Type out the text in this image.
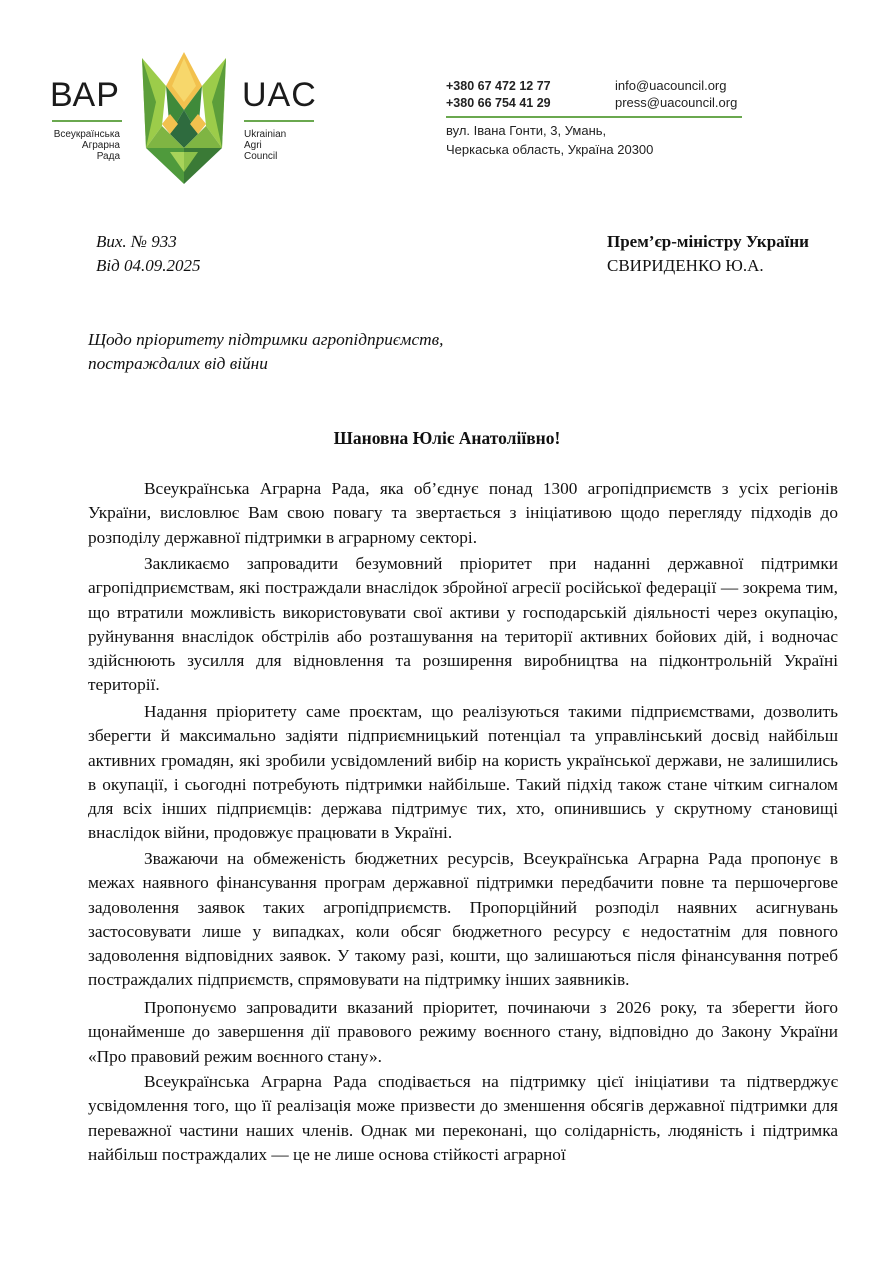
ВАР
Всеукраїнська
Аграрна
Рада
UAC
Ukrainian
Agri
Council
+380 67 472 12 77
+380 66 754 41 29
info@uacouncil.org
press@uacouncil.org
вул. Івана Гонти, 3, Умань,
Черкаська область, Україна 20300
Вих. № 933
Від 04.09.2025
Прем’єр-міністру України
СВИРИДЕНКО Ю.А.
Щодо пріоритету підтримки агропідприємств,
постраждалих від війни
Шановна Юліє Анатоліївно!

Всеукраїнська Аграрна Рада, яка об’єднує понад 1300 агропідприємств з усіх регіонів України, висловлює Вам свою повагу та звертається з ініціативою щодо перегляду підходів до розподілу державної підтримки в аграрному секторі.

Закликаємо запровадити безумовний пріоритет при наданні державної підтримки агропідприємствам, які постраждали внаслідок збройної агресії російської федерації — зокрема тим, що втратили можливість використовувати свої активи у господарській діяльності через окупацію, руйнування внаслідок обстрілів або розташування на території активних бойових дій, і водночас здійснюють зусилля для відновлення та розширення виробництва на підконтрольній Україні території.

Надання пріоритету саме проєктам, що реалізуються такими підприємствами, дозволить зберегти й максимально задіяти підприємницький потенціал та управлінський досвід найбільш активних громадян, які зробили усвідомлений вибір на користь української держави, не залишились в окупації, і сьогодні потребують підтримки найбільше. Такий підхід також стане чітким сигналом для всіх інших підприємців: держава підтримує тих, хто, опинившись у скрутному становищі внаслідок війни, продовжує працювати в Україні.

Зважаючи на обмеженість бюджетних ресурсів, Всеукраїнська Аграрна Рада пропонує в межах наявного фінансування програм державної підтримки передбачити повне та першочергове задоволення заявок таких агропідприємств. Пропорційний розподіл наявних асигнувань застосовувати лише у випадках, коли обсяг бюджетного ресурсу є недостатнім для повного задоволення відповідних заявок. У такому разі, кошти, що залишаються після фінансування потреб постраждалих підприємств, спрямовувати на підтримку інших заявників.

Пропонуємо запровадити вказаний пріоритет, починаючи з 2026 року, та зберегти його щонайменше до завершення дії правового режиму воєнного стану, відповідно до Закону України «Про правовий режим воєнного стану».

Всеукраїнська Аграрна Рада сподівається на підтримку цієї ініціативи та підтверджує усвідомлення того, що її реалізація може призвести до зменшення обсягів державної підтримки для переважної частини наших членів. Однак ми переконані, що солідарність, людяність і підтримка найбільш постраждалих — це не лише основа стійкості аграрної
